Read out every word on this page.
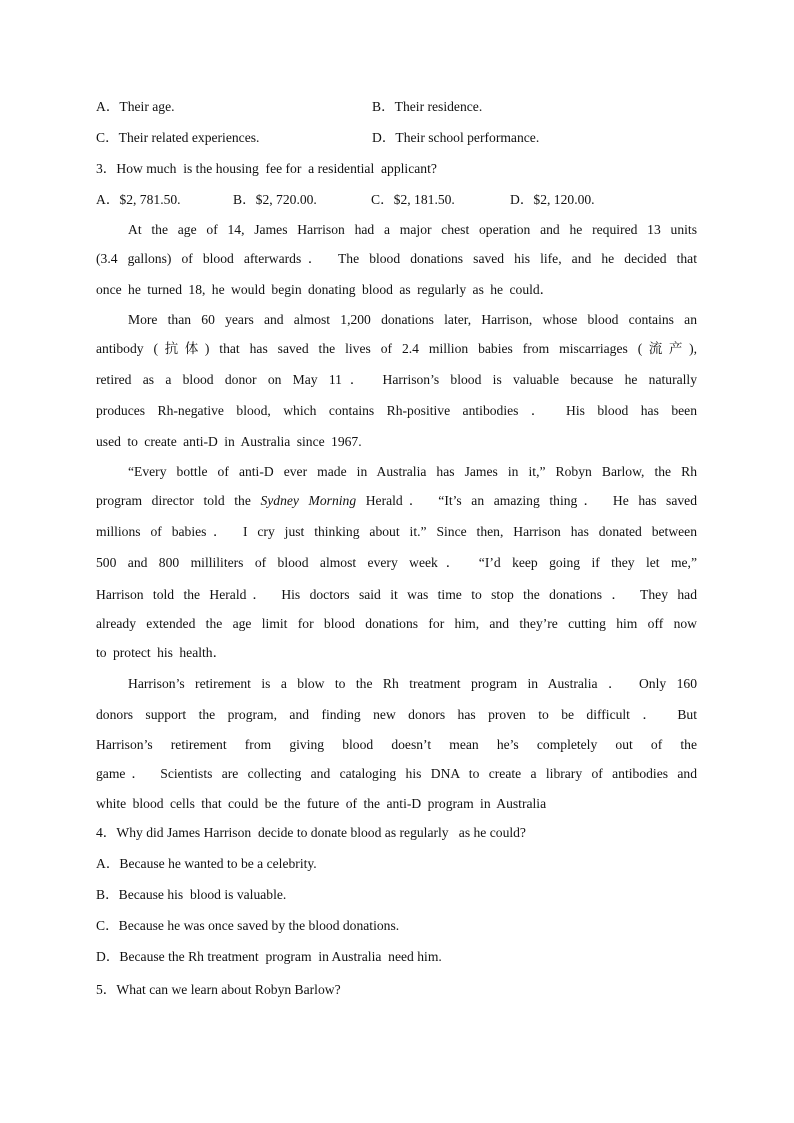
A．Their age.	B．Their residence.
C．Their related experiences.	D．Their school performance.
3．How much  is the housing  fee for  a residential  applicant?
A．$2, 781.50.	B．$2, 720.00.	C．$2, 181.50.	D．$2, 120.00.
At the age of 14, James Harrison had a major chest operation and he required 13 units
(3.4 gallons) of blood afterwards． The blood donations saved his life, and he decided that
once he turned 18, he would begin donating blood as regularly as he could．
More than 60 years and almost 1,200 donations later, Harrison, whose blood contains an
antibody (抗体) that has saved the lives of 2.4 million babies from miscarriages (流产),
retired as a blood donor on May 11． Harrison’s blood is valuable because he naturally
produces Rh-negative blood, which contains Rh-positive antibodies ． His blood has been
used to create anti-D in Australia since 1967.
“Every bottle of anti-D ever made in Australia has James in it,” Robyn Barlow, the Rh
program director told the Sydney Morning Herald． “It’s an amazing thing． He has saved
millions of babies． I cry just thinking about it.” Since then, Harrison has donated between
500 and 800 milliliters of blood almost every week． “I’d keep going if they let me,”
Harrison told the Herald． His doctors said it was time to stop the donations ． They had
already extended the age limit for blood donations for him, and they’re cutting him off now
to protect his health．
Harrison’s retirement is a blow to the Rh treatment program in Australia ． Only 160
donors support the program, and finding new donors has proven to be difficult ． But
Harrison’s retirement from giving blood doesn’t mean he’s completely out of the
game． Scientists are collecting and cataloging his DNA to create a library of antibodies and
white blood cells that could be the future of the anti-D program in Australia
4．Why did James Harrison  decide to donate blood as regularly   as he could?
A．Because he wanted to be a celebrity.
B．Because his  blood is valuable.
C．Because he was once saved by the blood donations.
D．Because the Rh treatment  program  in Australia  need him.
5．What can we learn about Robyn Barlow?
